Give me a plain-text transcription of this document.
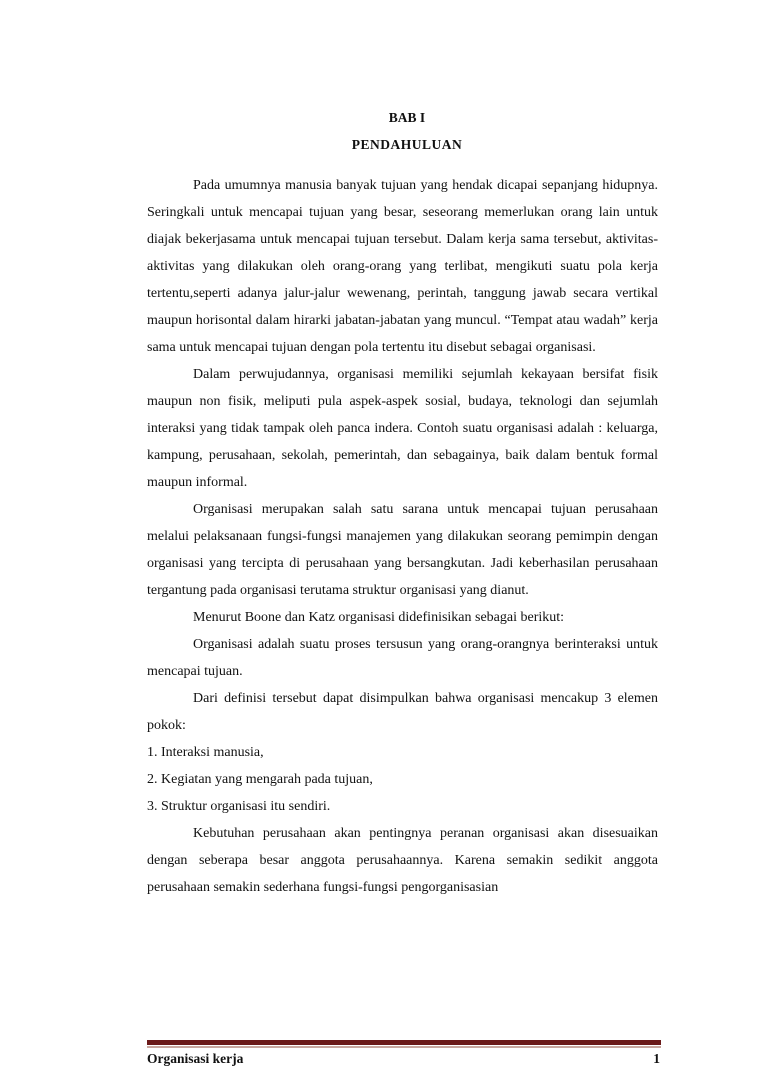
BAB I
PENDAHULUAN

Pada umumnya manusia banyak tujuan yang hendak dicapai sepanjang hidupnya. Seringkali untuk mencapai tujuan yang besar, seseorang memerlukan orang lain untuk diajak bekerjasama untuk mencapai tujuan tersebut. Dalam kerja sama tersebut, aktivitas-aktivitas yang dilakukan oleh orang-orang yang terlibat, mengikuti suatu pola kerja tertentu,seperti adanya jalur-jalur wewenang, perintah, tanggung jawab secara vertikal maupun horisontal dalam hirarki jabatan-jabatan yang muncul. “Tempat atau wadah” kerja sama untuk mencapai tujuan dengan pola tertentu itu disebut sebagai organisasi.

Dalam perwujudannya, organisasi memiliki sejumlah kekayaan bersifat fisik maupun non fisik, meliputi pula aspek-aspek sosial, budaya, teknologi dan sejumlah interaksi yang tidak tampak oleh panca indera. Contoh suatu organisasi adalah : keluarga, kampung, perusahaan, sekolah, pemerintah, dan sebagainya, baik dalam bentuk formal maupun informal.

Organisasi merupakan salah satu sarana untuk mencapai tujuan perusahaan melalui pelaksanaan fungsi-fungsi manajemen yang dilakukan seorang pemimpin dengan organisasi yang tercipta di perusahaan yang bersangkutan. Jadi keberhasilan perusahaan tergantung pada organisasi terutama struktur organisasi yang dianut.

Menurut Boone dan Katz organisasi didefinisikan sebagai berikut:

Organisasi adalah suatu proses tersusun yang orang-orangnya berinteraksi untuk mencapai tujuan.

Dari definisi tersebut dapat disimpulkan bahwa organisasi mencakup 3 elemen pokok:

1. Interaksi manusia,
2. Kegiatan yang mengarah pada tujuan,
3. Struktur organisasi itu sendiri.

Kebutuhan perusahaan akan pentingnya peranan organisasi akan disesuaikan dengan seberapa besar anggota perusahaannya. Karena semakin sedikit anggota perusahaan semakin sederhana fungsi-fungsi pengorganisasian

Organisasi kerja	1
